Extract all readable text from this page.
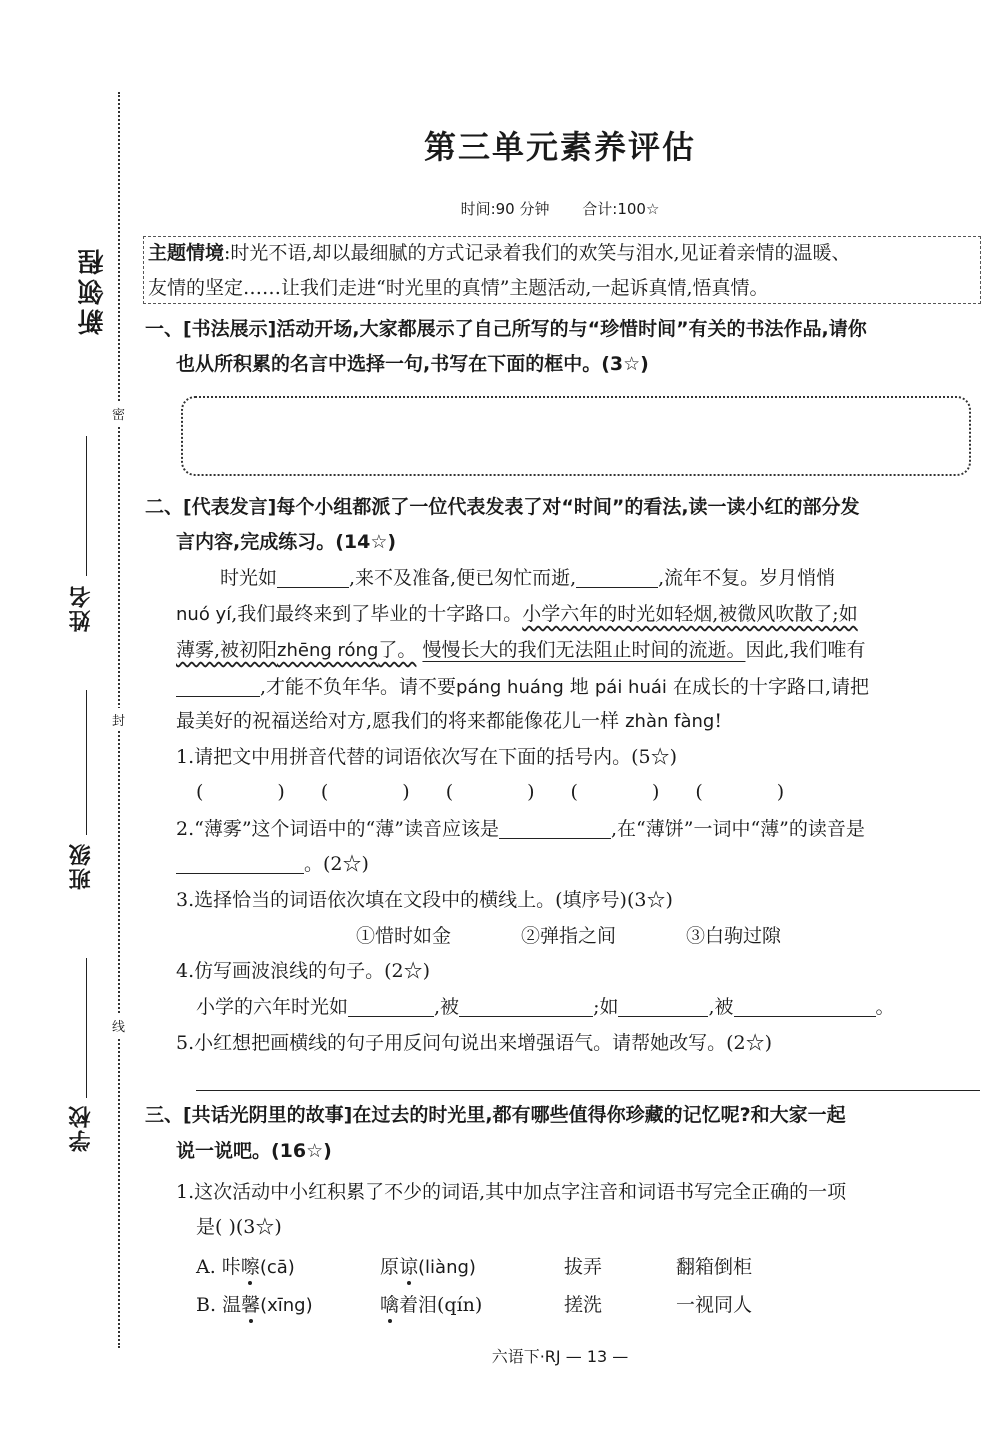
密
封
线
新领程
姓名
班级
学校
第三单元素养评估
时间:90 分钟 合计:100☆
主题情境:时光不语,却以最细腻的方式记录着我们的欢笑与泪水,见证着亲情的温暖、
友情的坚定……让我们走进“时光里的真情”主题活动,一起诉真情,悟真情。
一、[书法展示]活动开场,大家都展示了自己所写的与“珍惜时间”有关的书法作品,请你
也从所积累的名言中选择一句,书写在下面的框中。(3☆)
二、[代表发言]每个小组都派了一位代表发表了对“时间”的看法,读一读小红的部分发
言内容,完成练习。(14☆)
时光如	,来不及准备,便已匆忙而逝,	,流年不复。岁月悄悄
nuó yí,我们最终来到了毕业的十字路口。小学六年的时光如轻烟,被微风吹散了;如
薄雾,被初阳zhēng róng了。 慢慢长大的我们无法阻止时间的流逝。因此,我们唯有
,才能不负年华。请不要páng huáng 地 pái huái 在成长的十字路口,请把
最美好的祝福送给对方,愿我们的将来都能像花儿一样 zhàn fàng!
1.请把文中用拼音代替的词语依次写在下面的括号内。(5☆)
(	) (	) (	) (	) (	)
2.“薄雾”这个词语中的“薄”读音应该是	,在“薄饼”一词中“薄”的读音是
。(2☆)
3.选择恰当的词语依次填在文段中的横线上。(填序号)(3☆)
①惜时如金	②弹指之间	③白驹过隙
4.仿写画波浪线的句子。(2☆)
小学的六年时光如	,被	;如	,被	。
5.小红想把画横线的句子用反问句说出来增强语气。请帮她改写。(2☆)
三、[共话光阴里的故事]在过去的时光里,都有哪些值得你珍藏的记忆呢?和大家一起
说一说吧。(16☆)
1.这次活动中小红积累了不少的词语,其中加点字注音和词语书写完全正确的一项
是( )(3☆)
A. 咔嚓(cā)	原谅(liàng)	拔弄	翻箱倒柜
B. 温馨(xīng)	噙着泪(qín)	搓洗	一视同人
六语下·RJ — 13 —
